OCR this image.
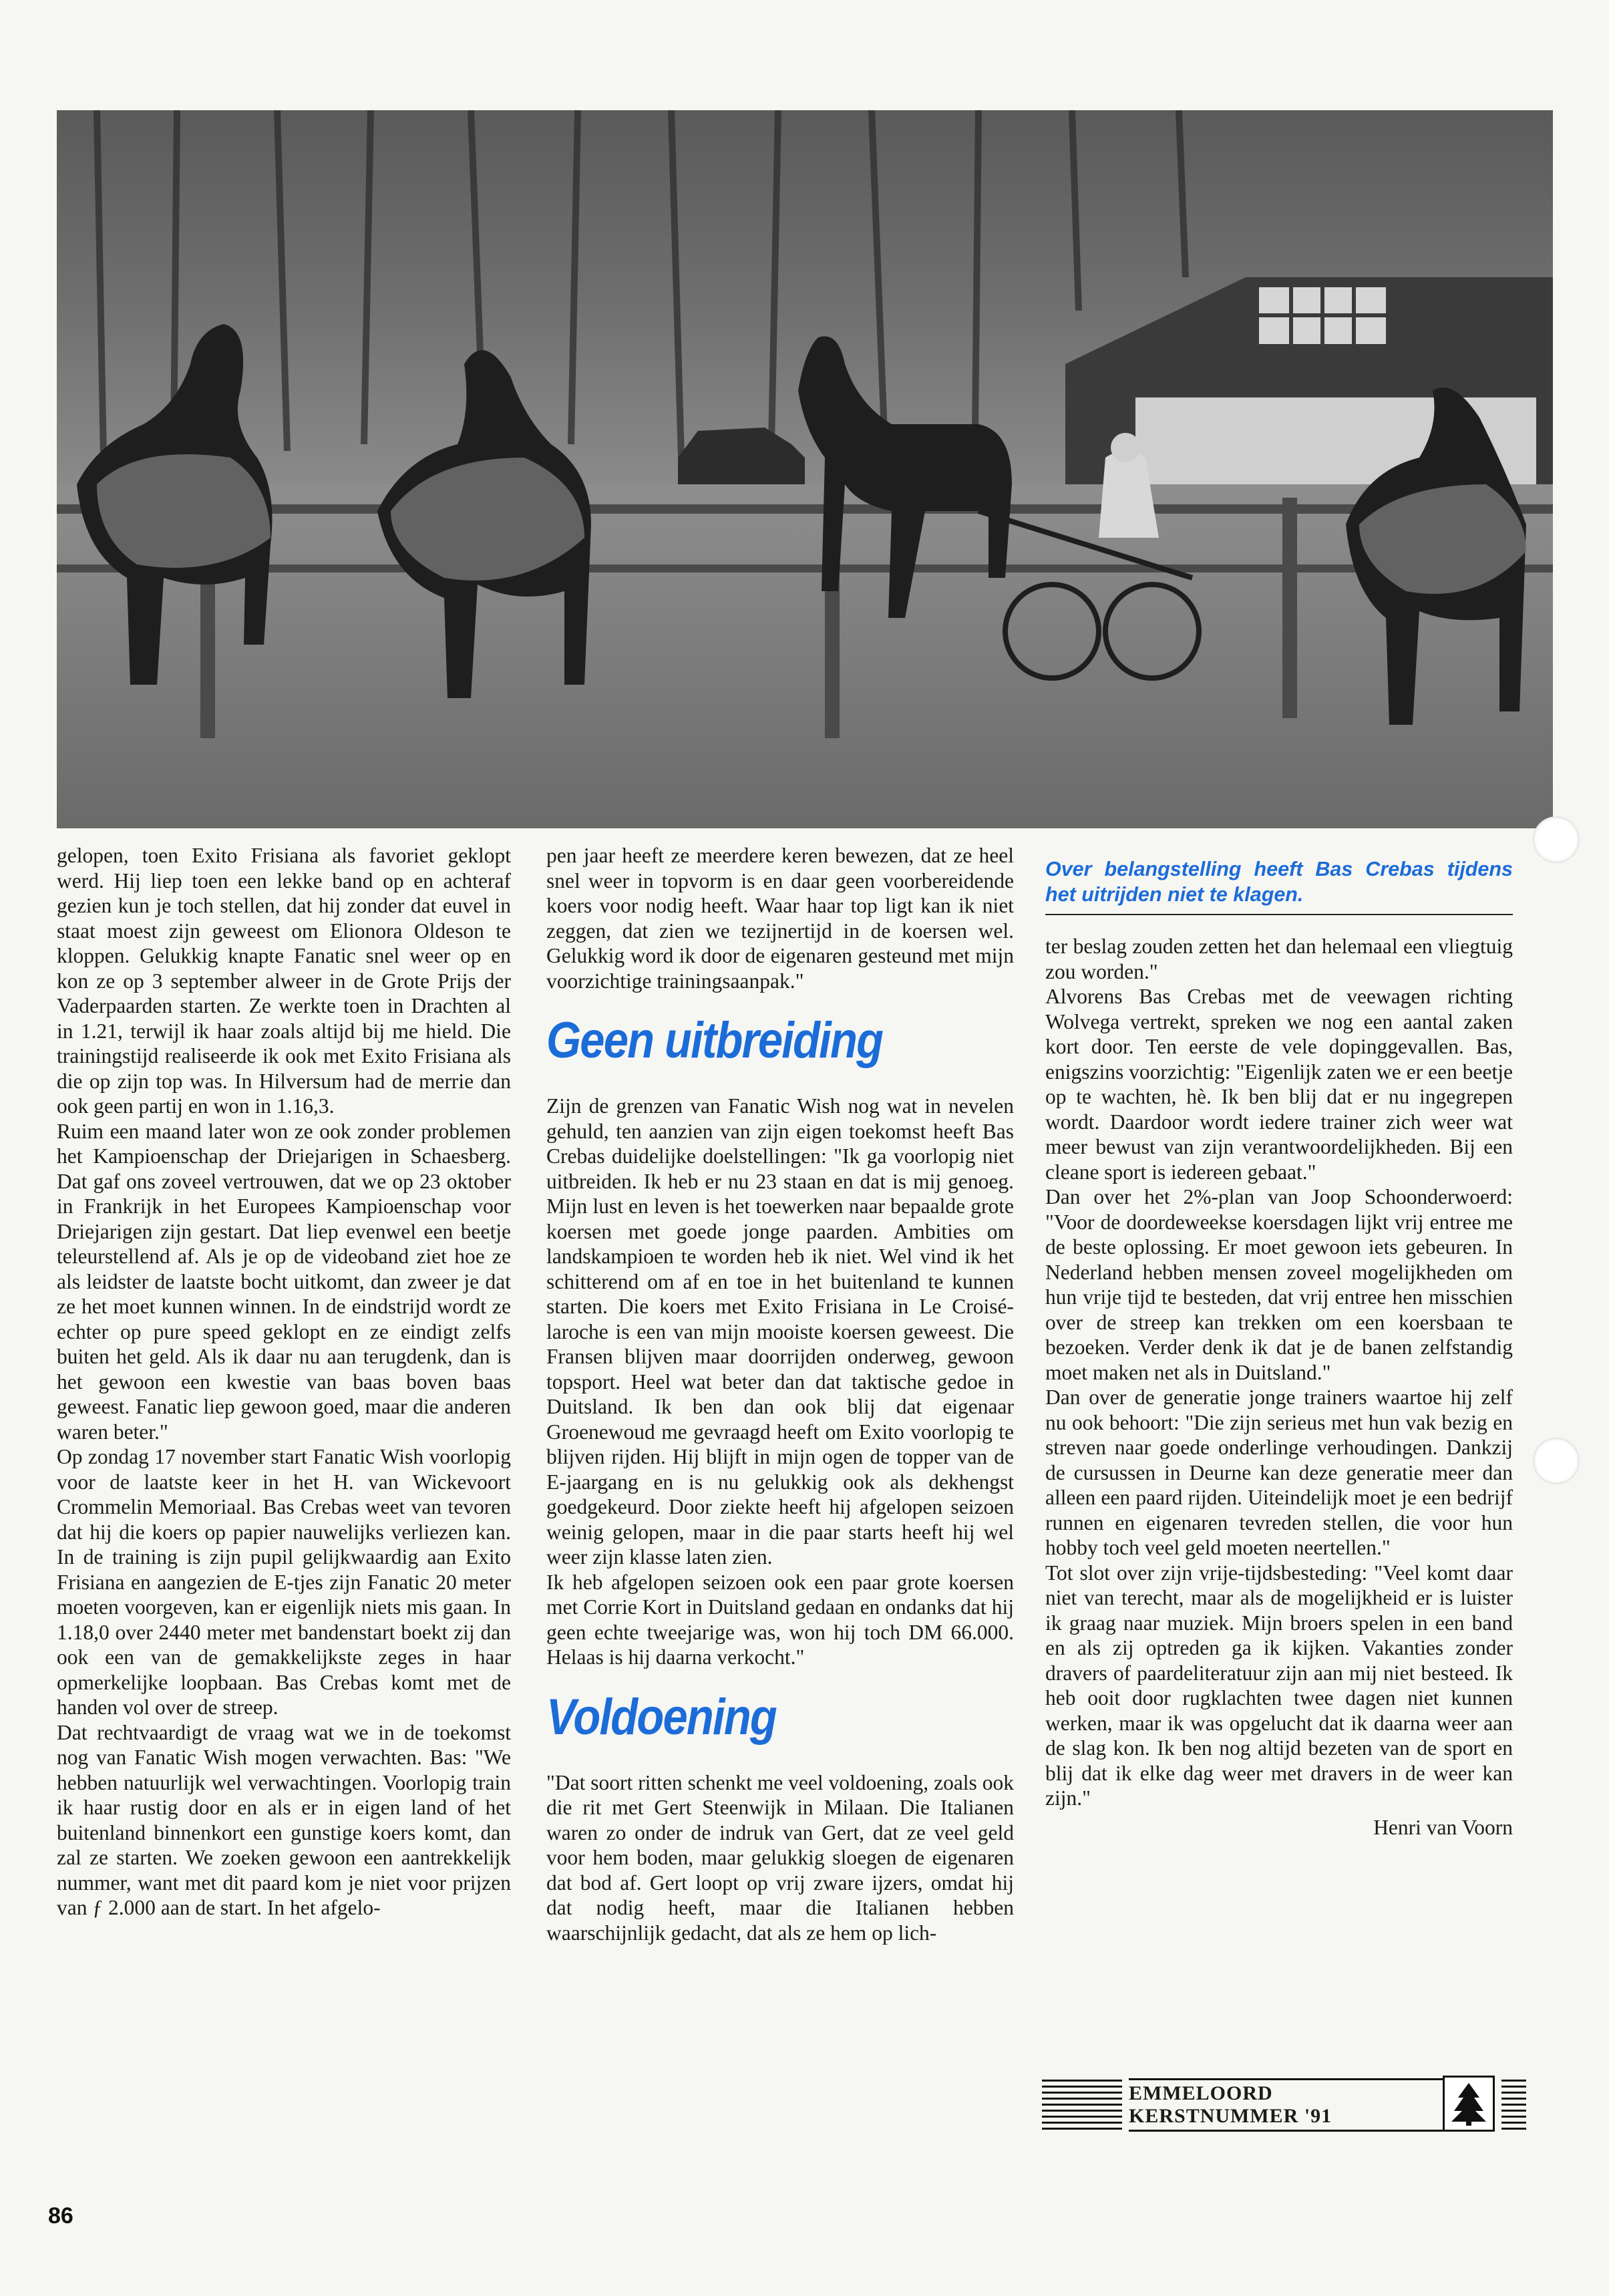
gelopen, toen Exito Frisiana als favoriet geklopt werd. Hij liep toen een lekke band op en achteraf gezien kun je toch stellen, dat hij zonder dat euvel in staat moest zijn geweest om Elionora Oldeson te kloppen. Gelukkig knapte Fanatic snel weer op en kon ze op 3 september alweer in de Grote Prijs der Vaderpaarden starten. Ze werkte toen in Drachten al in 1.21, terwijl ik haar zoals altijd bij me hield. Die trainingstijd realiseerde ik ook met Exito Frisiana als die op zijn top was. In Hilversum had de merrie dan ook geen partij en won in 1.16,3.

Ruim een maand later won ze ook zonder problemen het Kampioenschap der Driejarigen in Schaesberg. Dat gaf ons zoveel vertrouwen, dat we op 23 oktober in Frankrijk in het Europees Kampioenschap voor Driejarigen zijn gestart. Dat liep evenwel een beetje teleurstellend af. Als je op de videoband ziet hoe ze als leidster de laatste bocht uitkomt, dan zweer je dat ze het moet kunnen winnen. In de eindstrijd wordt ze echter op pure speed geklopt en ze eindigt zelfs buiten het geld. Als ik daar nu aan terugdenk, dan is het gewoon een kwestie van baas boven baas geweest. Fanatic liep gewoon goed, maar die anderen waren beter."

Op zondag 17 november start Fanatic Wish voorlopig voor de laatste keer in het H. van Wickevoort Crommelin Memoriaal. Bas Crebas weet van tevoren dat hij die koers op papier nauwelijks verliezen kan. In de training is zijn pupil gelijkwaardig aan Exito Frisiana en aangezien de E-tjes zijn Fanatic 20 meter moeten voorgeven, kan er eigenlijk niets mis gaan. In 1.18,0 over 2440 meter met bandenstart boekt zij dan ook een van de gemakkelijkste zeges in haar opmerkelijke loopbaan. Bas Crebas komt met de handen vol over de streep.

Dat rechtvaardigt de vraag wat we in de toekomst nog van Fanatic Wish mogen verwachten. Bas: "We hebben natuurlijk wel verwachtingen. Voorlopig train ik haar rustig door en als er in eigen land of het buitenland binnenkort een gunstige koers komt, dan zal ze starten. We zoeken gewoon een aantrekkelijk nummer, want met dit paard kom je niet voor prijzen van ƒ 2.000 aan de start. In het afgelo-

pen jaar heeft ze meerdere keren bewezen, dat ze heel snel weer in topvorm is en daar geen voorbereidende koers voor nodig heeft. Waar haar top ligt kan ik niet zeggen, dat zien we tezijnertijd in de koersen wel. Gelukkig word ik door de eigenaren gesteund met mijn voorzichtige trainingsaanpak."

Geen uitbreiding

Zijn de grenzen van Fanatic Wish nog wat in nevelen gehuld, ten aanzien van zijn eigen toekomst heeft Bas Crebas duidelijke doelstellingen: "Ik ga voorlopig niet uitbreiden. Ik heb er nu 23 staan en dat is mij genoeg. Mijn lust en leven is het toewerken naar bepaalde grote koersen met goede jonge paarden. Ambities om landskampioen te worden heb ik niet. Wel vind ik het schitterend om af en toe in het buitenland te kunnen starten. Die koers met Exito Frisiana in Le Croisé-laroche is een van mijn mooiste koersen geweest. Die Fransen blijven maar doorrijden onderweg, gewoon topsport. Heel wat beter dan dat taktische gedoe in Duitsland. Ik ben dan ook blij dat eigenaar Groenewoud me gevraagd heeft om Exito voorlopig te blijven rijden. Hij blijft in mijn ogen de topper van de E-jaargang en is nu gelukkig ook als dekhengst goedgekeurd. Door ziekte heeft hij afgelopen seizoen weinig gelopen, maar in die paar starts heeft hij wel weer zijn klasse laten zien.

Ik heb afgelopen seizoen ook een paar grote koersen met Corrie Kort in Duitsland gedaan en ondanks dat hij geen echte tweejarige was, won hij toch DM 66.000. Helaas is hij daarna verkocht."

Voldoening

"Dat soort ritten schenkt me veel voldoening, zoals ook die rit met Gert Steenwijk in Milaan. Die Italianen waren zo onder de indruk van Gert, dat ze veel geld voor hem boden, maar gelukkig sloegen de eigenaren dat bod af. Gert loopt op vrij zware ijzers, omdat hij dat nodig heeft, maar die Italianen hebben waarschijnlijk gedacht, dat als ze hem op lich-

Over belangstelling heeft Bas Crebas tijdens het uitrijden niet te klagen.

ter beslag zouden zetten het dan helemaal een vliegtuig zou worden."

Alvorens Bas Crebas met de veewagen richting Wolvega vertrekt, spreken we nog een aantal zaken kort door. Ten eerste de vele dopinggevallen. Bas, enigszins voorzichtig: "Eigenlijk zaten we er een beetje op te wachten, hè. Ik ben blij dat er nu ingegrepen wordt. Daardoor wordt iedere trainer zich weer wat meer bewust van zijn verantwoordelijkheden. Bij een cleane sport is iedereen gebaat."

Dan over het 2%-plan van Joop Schoonderwoerd: "Voor de doordeweekse koersdagen lijkt vrij entree me de beste oplossing. Er moet gewoon iets gebeuren. In Nederland hebben mensen zoveel mogelijkheden om hun vrije tijd te besteden, dat vrij entree hen misschien over de streep kan trekken om een koersbaan te bezoeken. Verder denk ik dat je de banen zelfstandig moet maken net als in Duitsland."

Dan over de generatie jonge trainers waartoe hij zelf nu ook behoort: "Die zijn serieus met hun vak bezig en streven naar goede onderlinge verhoudingen. Dankzij de cursussen in Deurne kan deze generatie meer dan alleen een paard rijden. Uiteindelijk moet je een bedrijf runnen en eigenaren tevreden stellen, die voor hun hobby toch veel geld moeten neertellen."

Tot slot over zijn vrije-tijdsbesteding: "Veel komt daar niet van terecht, maar als de mogelijkheid er is luister ik graag naar muziek. Mijn broers spelen in een band en als zij optreden ga ik kijken. Vakanties zonder dravers of paardeliteratuur zijn aan mij niet besteed. Ik heb ooit door rugklachten twee dagen niet kunnen werken, maar ik was opgelucht dat ik daarna weer aan de slag kon. Ik ben nog altijd bezeten van de sport en blij dat ik elke dag weer met dravers in de weer kan zijn."

Henri van Voorn
EMMELOORD
KERSTNUMMER '91
86
